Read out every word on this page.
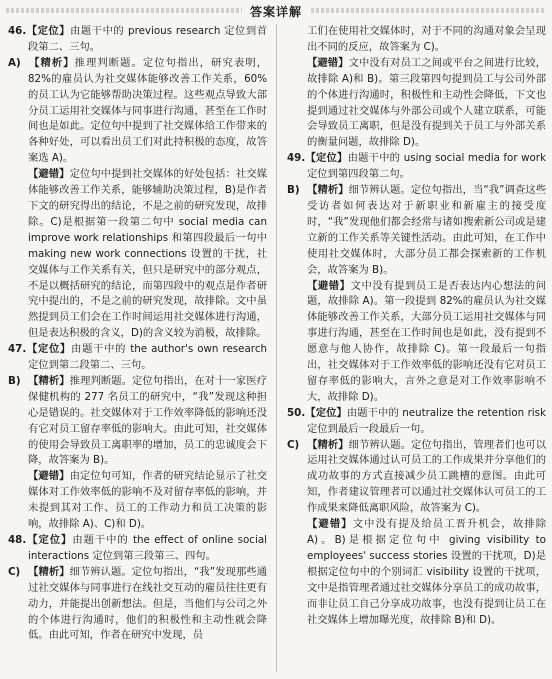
答案详解

46.【定位】由题干中的 previous research 定位到首段第二、三句。

A) 【精析】推理判断题。定位句指出，研究表明，82%的雇员认为社交媒体能够改善工作关系，60%的员工认为它能够帮助决策过程。这些观点导致大部分员工运用社交媒体与同事进行沟通，甚至在工作时间也是如此。定位句中提到了社交媒体给工作带来的各种好处，可以看出员工们对此持积极的态度，故答案选 A)。

【避错】定位句中提到社交媒体的好处包括：社交媒体能够改善工作关系，能够辅助决策过程，B)是作者下文的研究得出的结论，不是之前的研究发现，故排除。C)是根据第一段第二句中 social media can improve work relationships 和第四段最后一句中 making new work connections 设置的干扰，社交媒体与工作关系有关，但只是研究中的部分观点，不是以概括研究的结论，而第四段中的观点是作者研究中提出的，不是之前的研究发现，故排除。文中虽然提到员工们会在工作时间运用社交媒体进行沟通，但是表达积极的含义，D)的含义较为消极，故排除。

47.【定位】由题干中的 the author's own research 定位到第二段第二、三句。

B) 【精析】推理判断题。定位句指出，在对十一家医疗保健机构的 277 名员工的研究中，“我”发现这种担心是错误的。社交媒体对于工作效率降低的影响还没有它对员工留存率低的影响大。由此可知，社交媒体的使用会导致员工离职率的增加，员工的忠诚度会下降，故答案为 B)。

【避错】由定位句可知，作者的研究结论显示了社交媒体对工作效率低的影响不及对留存率低的影响，并未提到其对工作、员工的工作动力和员工决策的影响，故排除 A)、C)和 D)。

48.【定位】由题干中的 the effect of online social interactions 定位到第三段第三、四句。

C) 【精析】细节辨认题。定位句指出，“我”发现那些通过社交媒体与同事进行在线社交互动的雇员往往更有动力，并能提出创新想法。但是，当他们与公司之外的个体进行沟通时，他们的积极性和主动性就会降低。由此可知，作者在研究中发现，员

工们在使用社交媒体时，对于不同的沟通对象会呈现出不同的反应，故答案为 C)。

【避错】文中没有对员工之间或平台之间进行比较，故排除 A)和 B)。第三段第四句提到员工与公司外部的个体进行沟通时，积极性和主动性会降低，下文也提到通过社交媒体与外部公司或个人建立联系，可能会导致员工离职，但是没有提到关于员工与外部关系的衡量问题，故排除 D)。

49.【定位】由题干中的 using social media for work 定位到第四段第二句。

B) 【精析】细节辨认题。定位句指出，当“我”调查这些受访者如何表达对于新职业和新雇主的接受度时，“我”发现他们都会经常与诸如搜索新公司或是建立新的工作关系等关键性活动。由此可知，在工作中使用社交媒体时，大部分员工都会探索新的工作机会，故答案为 B)。

【避错】文中没有提到员工是否表达内心想法的问题，故排除 A)。第一段提到 82%的雇员认为社交媒体能够改善工作关系，大部分员工运用社交媒体与同事进行沟通，甚至在工作时间也是如此，没有提到不愿意与他人协作，故排除 C)。第一段最后一句指出，社交媒体对于工作效率低的影响还没有它对员工留存率低的影响大，言外之意是对工作效率影响不大，故排除 D)。

50.【定位】由题干中的 neutralize the retention risk 定位到最后一段最后一句。

C) 【精析】细节辨认题。定位句指出，管理者们也可以运用社交媒体通过认可员工的工作成果并分享他们的成功故事的方式直接减少员工跳槽的意图。由此可知，作者建议管理者可以通过社交媒体认可员工的工作成果来降低离职风险，故答案为 C)。

【避错】文中没有提及给员工晋升机会，故排除 A)。B)是根据定位句中 giving visibility to employees' success stories 设置的干扰项，D)是根据定位句中的个别词汇 visibility 设置的干扰项，文中是指管理者通过社交媒体分享员工的成功故事，而非让员工自己分享成功故事，也没有提到让员工在社交媒体上增加曝光度，故排除 B)和 D)。
